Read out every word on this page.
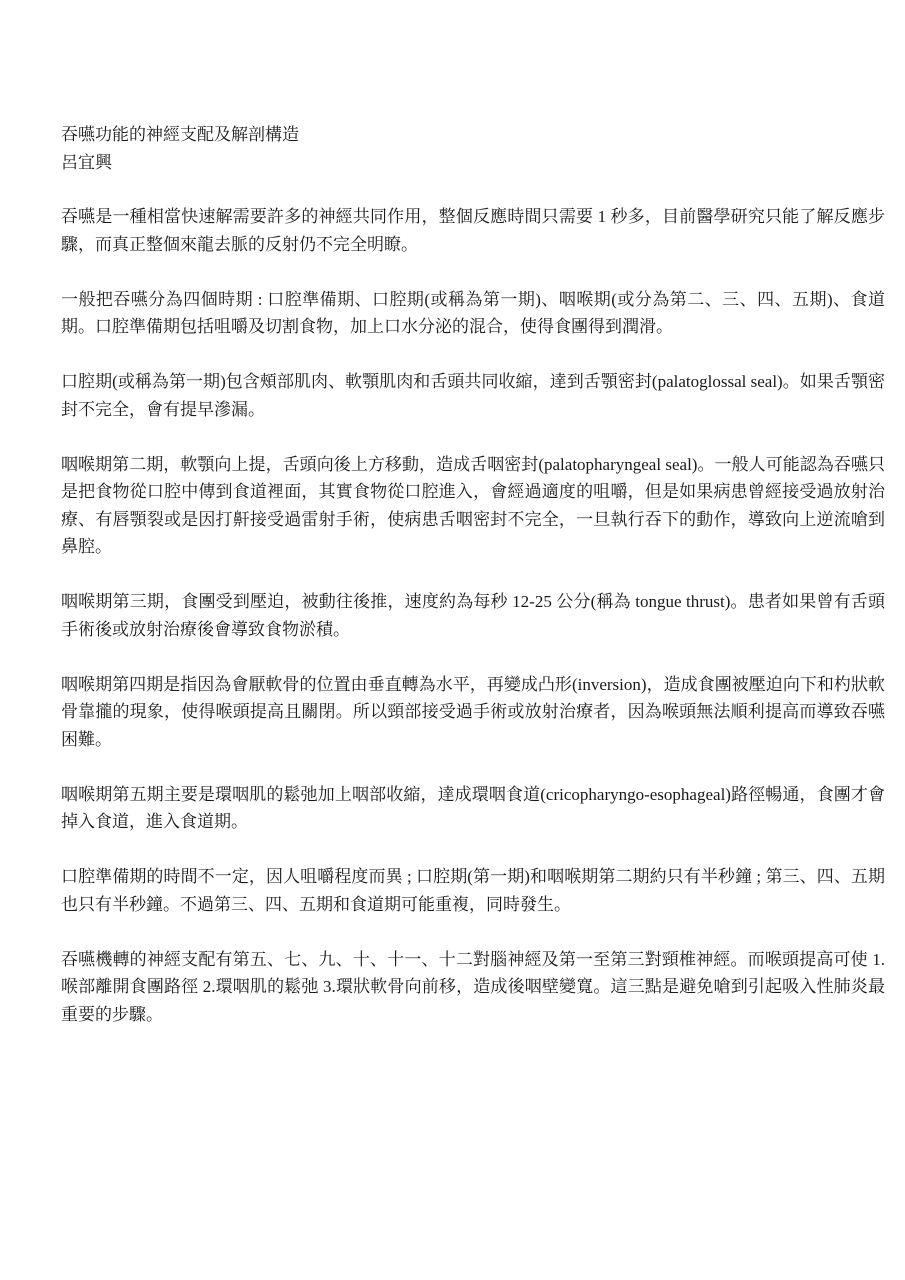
吞嚥功能的神經支配及解剖構造

呂宜興

吞嚥是一種相當快速解需要許多的神經共同作用，整個反應時間只需要 1 秒多，目前醫學研究只能了解反應步驟，而真正整個來龍去脈的反射仍不完全明瞭。

一般把吞嚥分為四個時期 : 口腔準備期、口腔期(或稱為第一期)、咽喉期(或分為第二、三、四、五期)、食道期。口腔準備期包括咀嚼及切割食物，加上口水分泌的混合，使得食團得到潤滑。

口腔期(或稱為第一期)包含頰部肌肉、軟顎肌肉和舌頭共同收縮，達到舌顎密封(palatoglossal seal)。如果舌顎密封不完全，會有提早滲漏。

咽喉期第二期，軟顎向上提，舌頭向後上方移動，造成舌咽密封(palatopharyngeal seal)。一般人可能認為吞嚥只是把食物從口腔中傳到食道裡面，其實食物從口腔進入，會經過適度的咀嚼，但是如果病患曾經接受過放射治療、有唇顎裂或是因打鼾接受過雷射手術，使病患舌咽密封不完全，一旦執行吞下的動作，導致向上逆流嗆到鼻腔。

咽喉期第三期，食團受到壓迫，被動往後推，速度約為每秒 12-25 公分(稱為 tongue thrust)。患者如果曾有舌頭手術後或放射治療後會導致食物淤積。

咽喉期第四期是指因為會厭軟骨的位置由垂直轉為水平，再變成凸形(inversion)，造成食團被壓迫向下和杓狀軟骨靠攏的現象，使得喉頭提高且關閉。所以頸部接受過手術或放射治療者，因為喉頭無法順利提高而導致吞嚥困難。

咽喉期第五期主要是環咽肌的鬆弛加上咽部收縮，達成環咽食道(cricopharyngo-esophageal)路徑暢通，食團才會掉入食道，進入食道期。

口腔準備期的時間不一定，因人咀嚼程度而異 ; 口腔期(第一期)和咽喉期第二期約只有半秒鐘 ; 第三、四、五期也只有半秒鐘。不過第三、四、五期和食道期可能重複，同時發生。

吞嚥機轉的神經支配有第五、七、九、十、十一、十二對腦神經及第一至第三對頸椎神經。而喉頭提高可使 1.喉部離開食團路徑 2.環咽肌的鬆弛 3.環狀軟骨向前移，造成後咽壁變寬。這三點是避免嗆到引起吸入性肺炎最重要的步驟。
